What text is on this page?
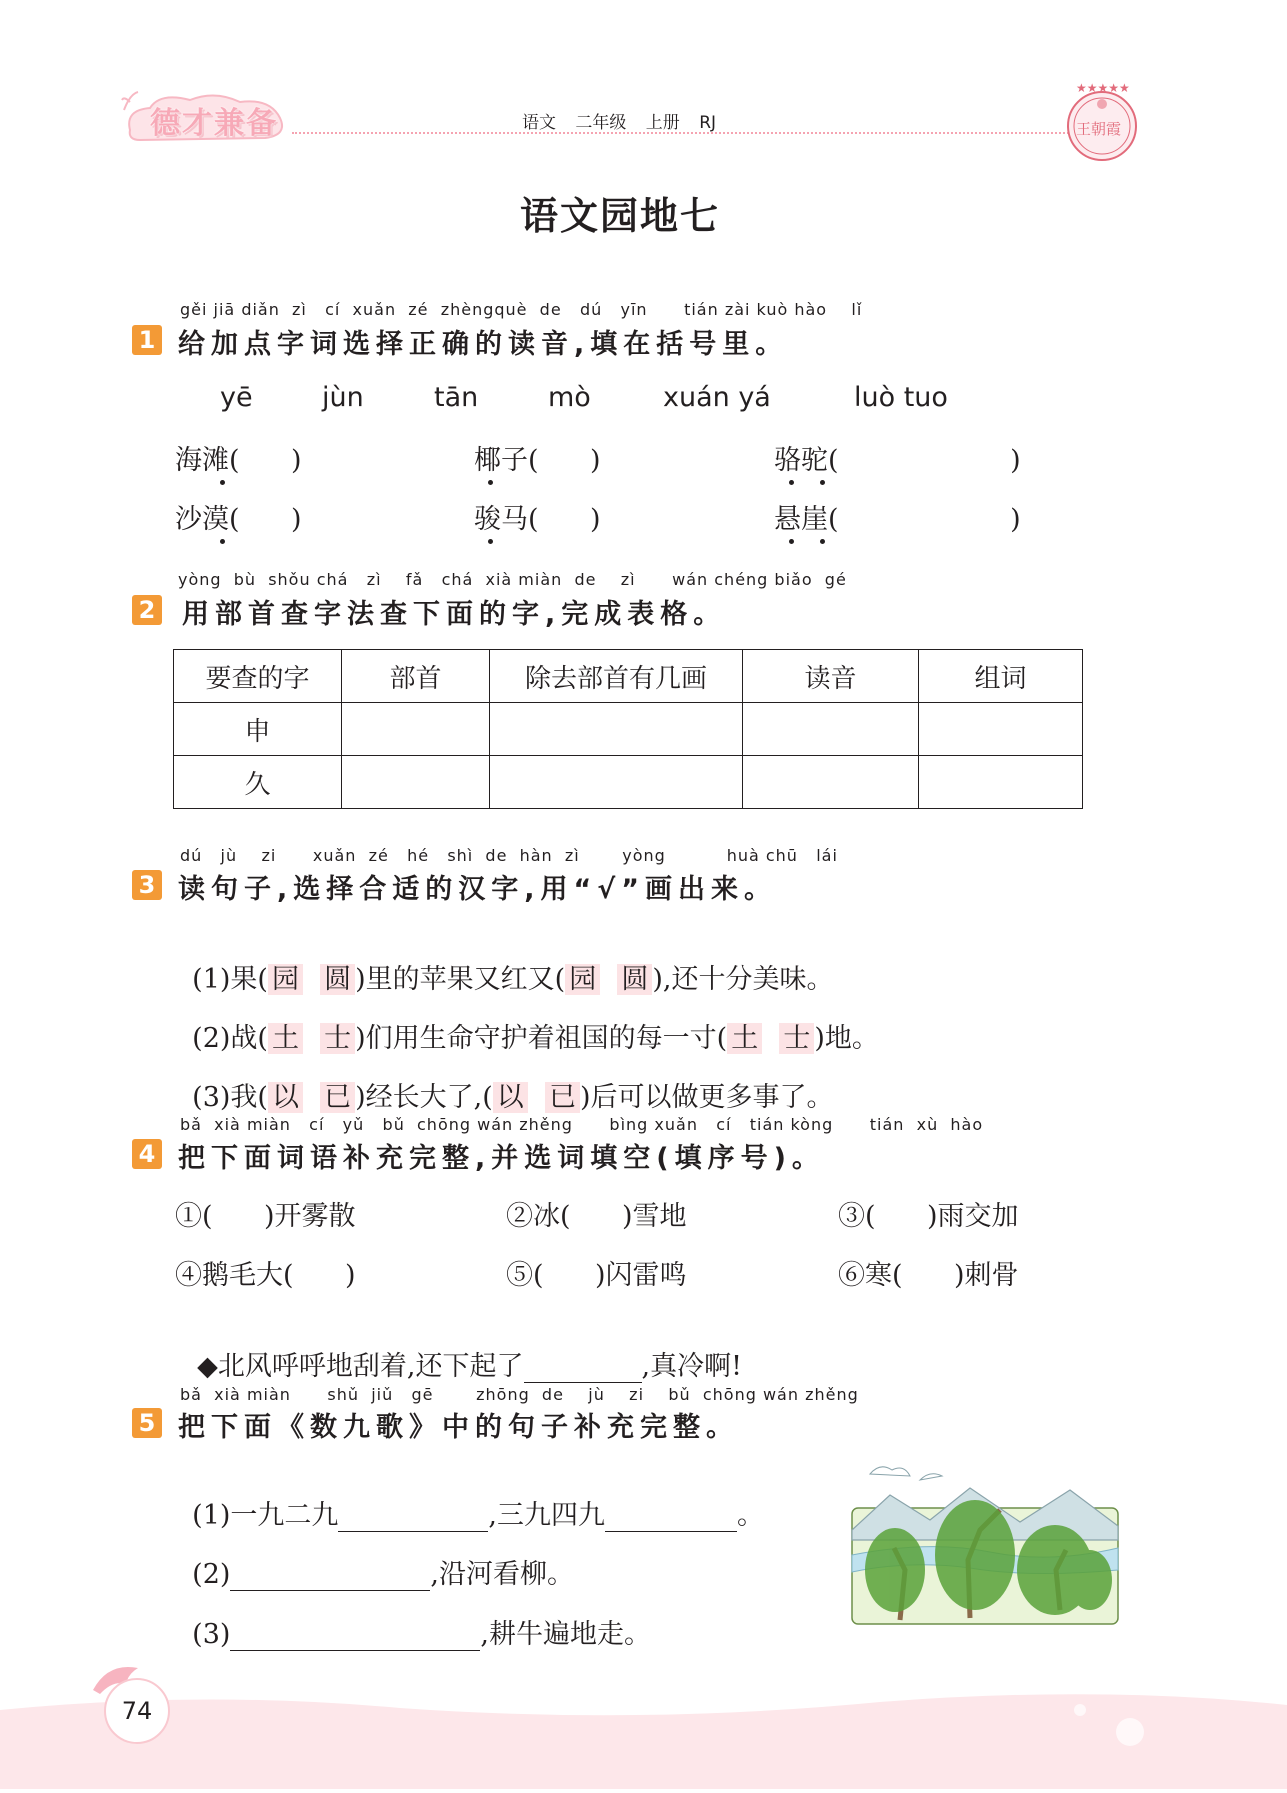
德才兼备	语文 二年级 上册 RJ
★★★★★
王朝霞
语文园地七
gěi jiā diǎn  zì   cí  xuǎn  zé  zhèngquè  de   dú   yīn      tián zài kuò hào    lǐ
1 给加点字词选择正确的读音,填在括号里。
yē	jùn	tān	mò	xuán yá	luò tuo
海滩(      )	椰子(      )	骆驼(                    )
沙漠(      )	骏马(      )	悬崖(                    )
yòng  bù  shǒu chá   zì    fǎ   chá  xià miàn  de    zì      wán chéng biǎo  gé
2 用部首查字法查下面的字,完成表格。
要查的字	部首	除去部首有几画	读音	组词
申				
久				
dú   jù    zi      xuǎn  zé   hé   shì  de  hàn  zì       yòng          huà chū   lái
3 读句子,选择合适的汉字,用“√”画出来。

(1)果( 园 圆 )里的苹果又红又( 园 圆 ),还十分美味。

(2)战( 土 士 )们用生命守护着祖国的每一寸( 土 士 )地。

(3)我( 以 已 )经长大了,( 以 已 )后可以做更多事了。

bǎ  xià miàn   cí   yǔ   bǔ  chōng wán zhěng      bìng xuǎn   cí   tián kòng      tián  xù  hào
4 把下面词语补充完整,并选词填空(填序号)。
①(      )开雾散	②冰(      )雪地	③(      )雨交加
④鹅毛大(      )	⑤(      )闪雷鸣	⑥寒(      )刺骨

◆北风呼呼地刮着,还下起了	,真冷啊!

bǎ  xià miàn      shǔ  jiǔ   gē       zhōng  de    jù    zi    bǔ  chōng wán zhěng
5 把下面《数九歌》中的句子补充完整。

(1)一九二九	,三九四九	。

(2)	,沿河看柳。

(3)	,耕牛遍地走。

74
